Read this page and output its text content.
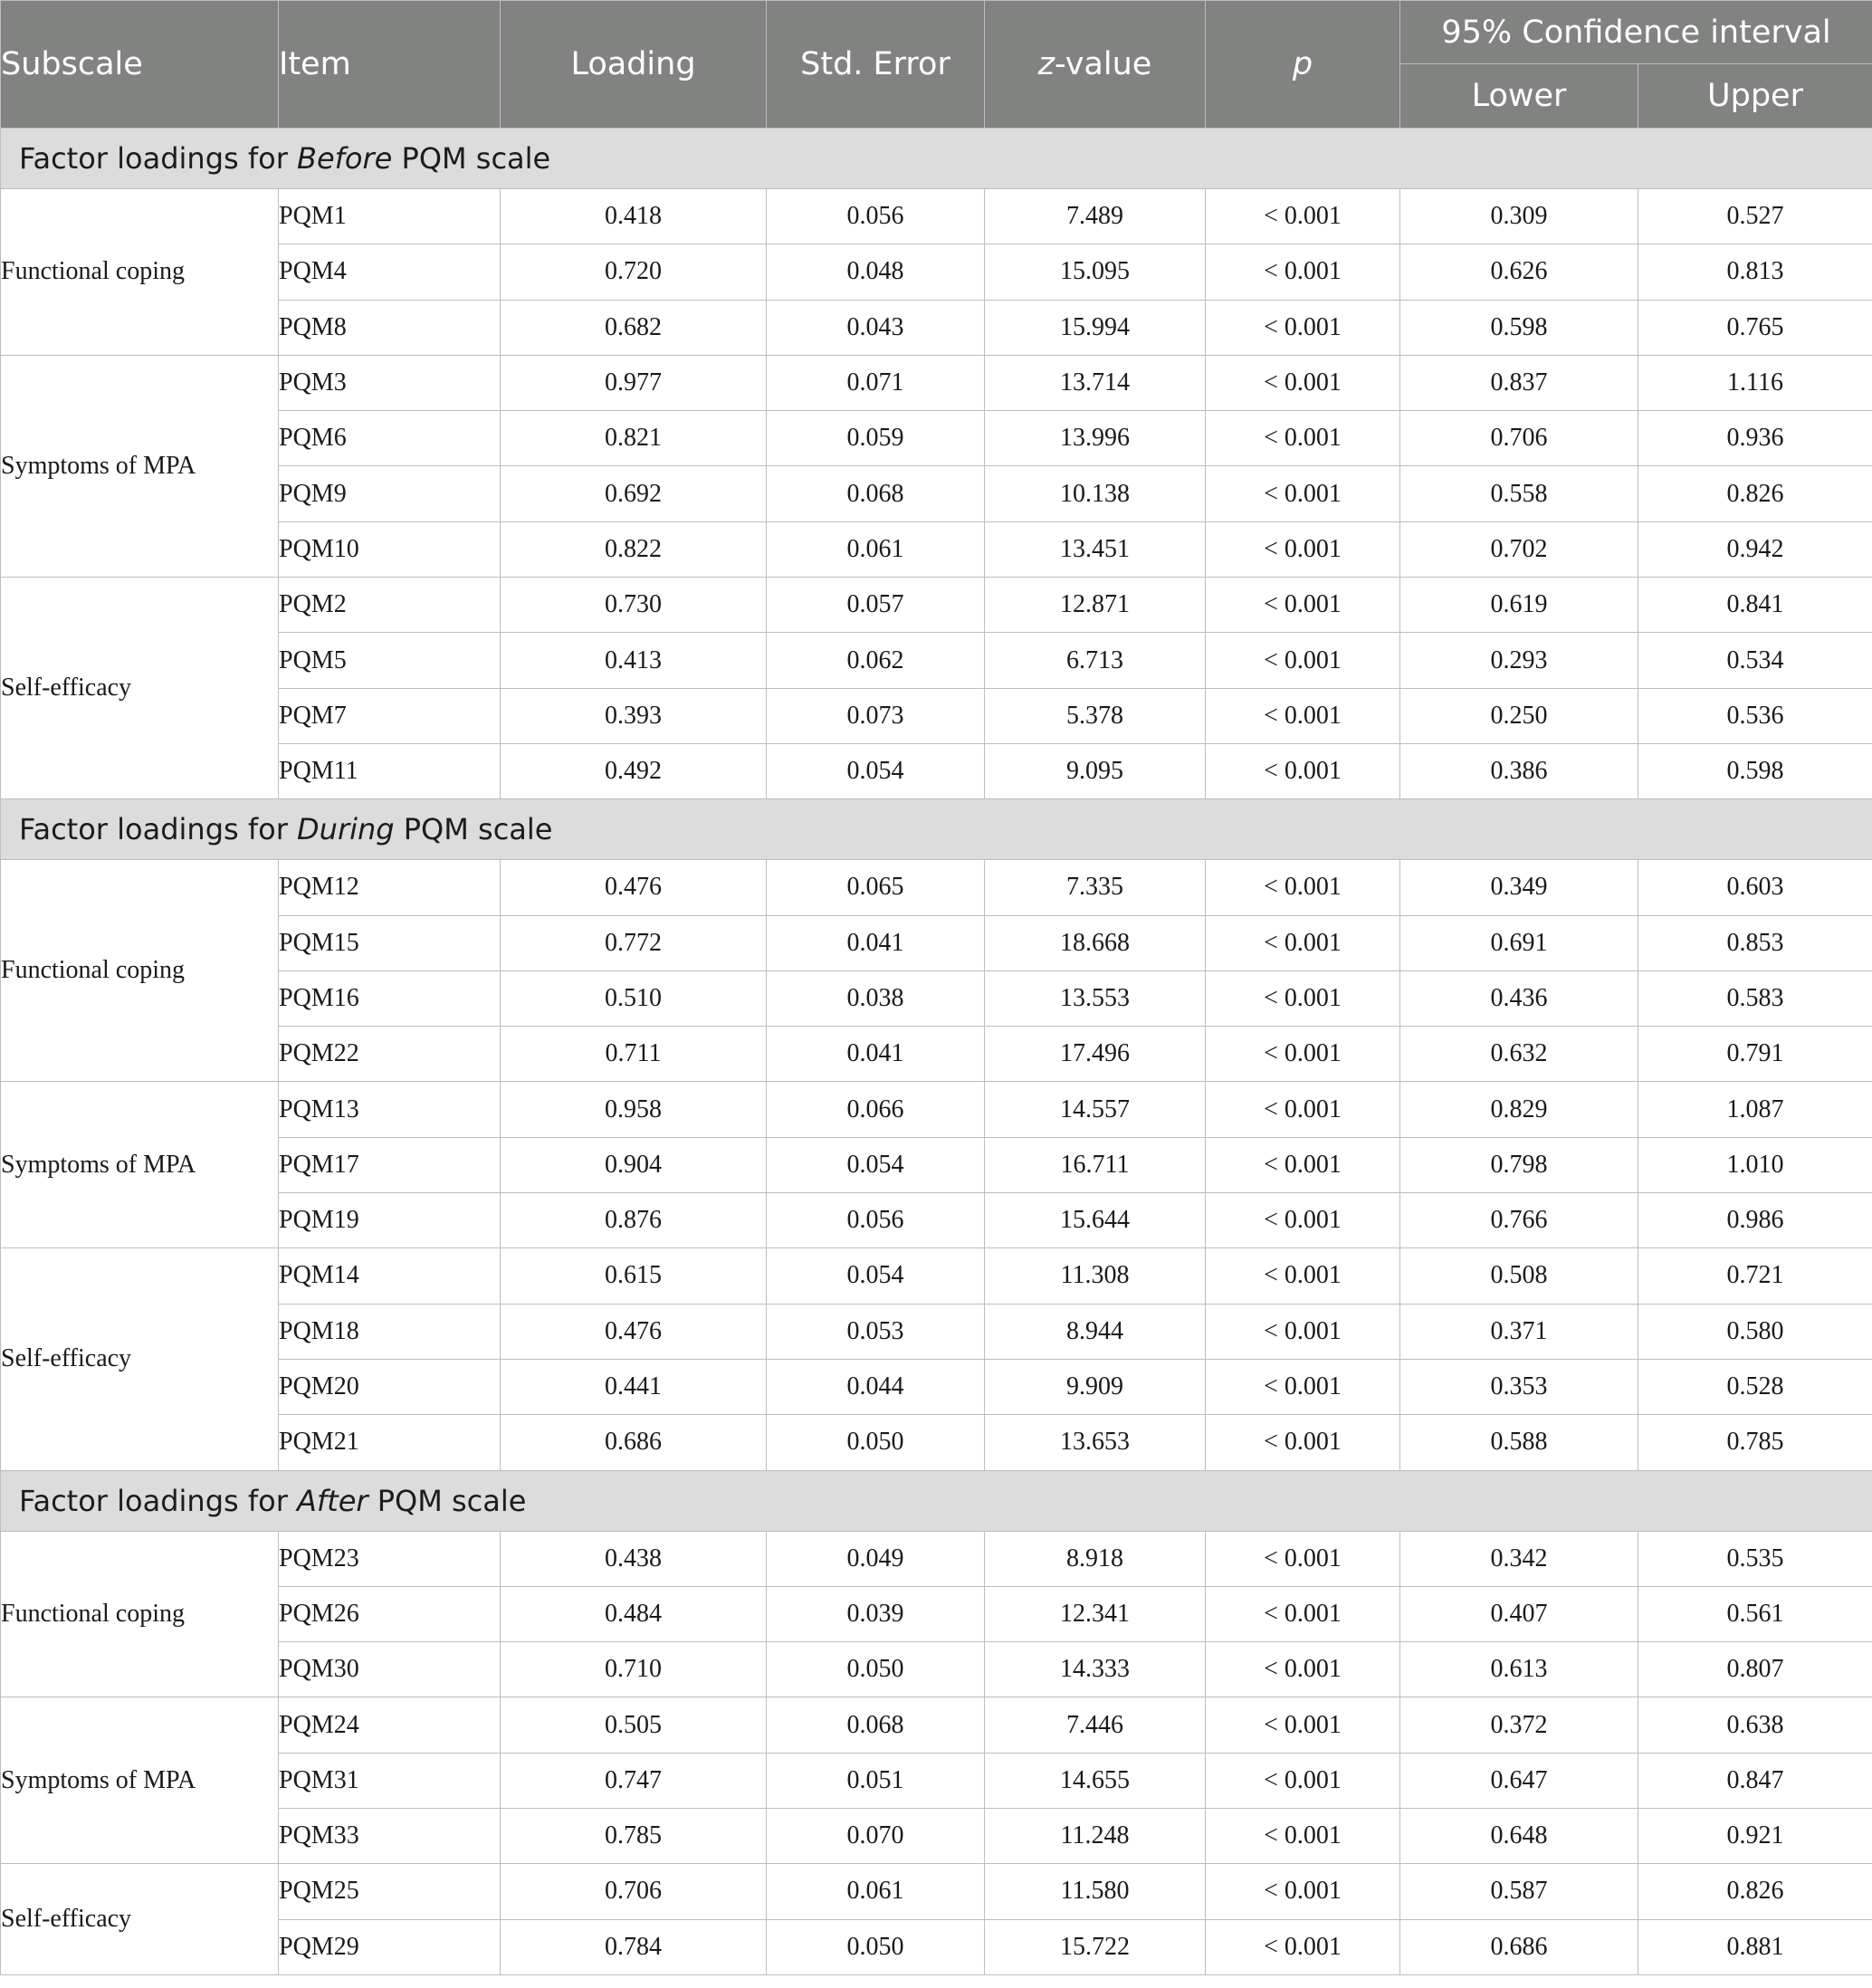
Subscale	Item	Loading	Std. Error	z-value	p	95% Confidence interval	
						Lower	Upper
Factor loadings for Before PQM scale							
Functional coping	PQM1	0.418	0.056	7.489	< 0.001	0.309	0.527
	PQM4	0.720	0.048	15.095	< 0.001	0.626	0.813
	PQM8	0.682	0.043	15.994	< 0.001	0.598	0.765
Symptoms of MPA	PQM3	0.977	0.071	13.714	< 0.001	0.837	1.116
	PQM6	0.821	0.059	13.996	< 0.001	0.706	0.936
	PQM9	0.692	0.068	10.138	< 0.001	0.558	0.826
	PQM10	0.822	0.061	13.451	< 0.001	0.702	0.942
Self-efficacy	PQM2	0.730	0.057	12.871	< 0.001	0.619	0.841
	PQM5	0.413	0.062	6.713	< 0.001	0.293	0.534
	PQM7	0.393	0.073	5.378	< 0.001	0.250	0.536
	PQM11	0.492	0.054	9.095	< 0.001	0.386	0.598
Factor loadings for During PQM scale							
Functional coping	PQM12	0.476	0.065	7.335	< 0.001	0.349	0.603
	PQM15	0.772	0.041	18.668	< 0.001	0.691	0.853
	PQM16	0.510	0.038	13.553	< 0.001	0.436	0.583
	PQM22	0.711	0.041	17.496	< 0.001	0.632	0.791
Symptoms of MPA	PQM13	0.958	0.066	14.557	< 0.001	0.829	1.087
	PQM17	0.904	0.054	16.711	< 0.001	0.798	1.010
	PQM19	0.876	0.056	15.644	< 0.001	0.766	0.986
Self-efficacy	PQM14	0.615	0.054	11.308	< 0.001	0.508	0.721
	PQM18	0.476	0.053	8.944	< 0.001	0.371	0.580
	PQM20	0.441	0.044	9.909	< 0.001	0.353	0.528
	PQM21	0.686	0.050	13.653	< 0.001	0.588	0.785
Factor loadings for After PQM scale							
Functional coping	PQM23	0.438	0.049	8.918	< 0.001	0.342	0.535
	PQM26	0.484	0.039	12.341	< 0.001	0.407	0.561
	PQM30	0.710	0.050	14.333	< 0.001	0.613	0.807
Symptoms of MPA	PQM24	0.505	0.068	7.446	< 0.001	0.372	0.638
	PQM31	0.747	0.051	14.655	< 0.001	0.647	0.847
	PQM33	0.785	0.070	11.248	< 0.001	0.648	0.921
Self-efficacy	PQM25	0.706	0.061	11.580	< 0.001	0.587	0.826
	PQM29	0.784	0.050	15.722	< 0.001	0.686	0.881
